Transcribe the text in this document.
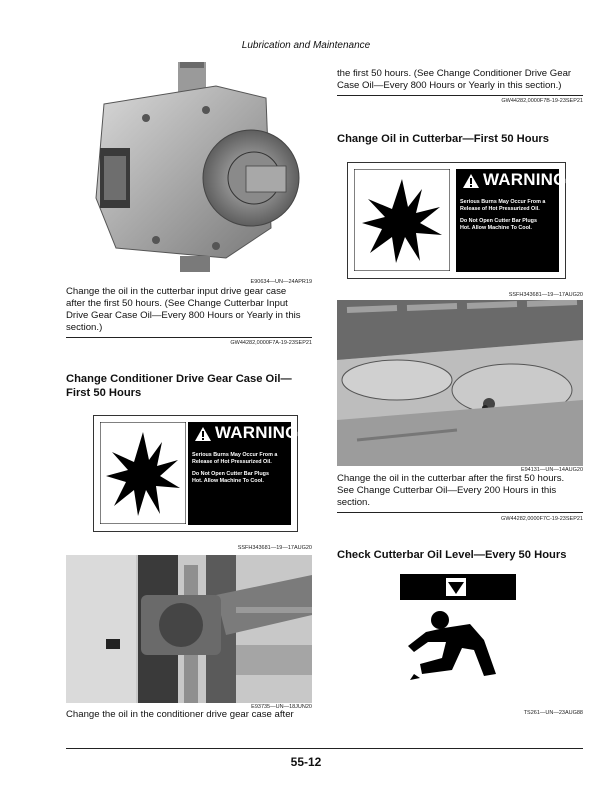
Lubrication and Maintenance
E90634—UN—24APR19
Change the oil in the cutterbar input drive gear case
after the first 50 hours. (See Change Cutterbar Input
Drive Gear Case Oil—Every 800 Hours or Yearly in this
section.)
GW44282,0000F7A-19-23SEP21
Change Conditioner Drive Gear Case Oil—
First 50 Hours
WARNING
Serious Burns May Occur From a
Release of Hot Pressurized Oil.
Do Not Open Cutter Bar Plugs
Hot. Allow Machine To Cool.
SSFH343681—19—17AUG20
E93735—UN—18JUN20
Change the oil in the conditioner drive gear case after
the first 50 hours. (See Change Conditioner Drive Gear
Case Oil—Every 800 Hours or Yearly in this section.)
GW44282,0000F7B-19-23SEP21
Change Oil in Cutterbar—First 50 Hours
WARNING
Serious Burns May Occur From a
Release of Hot Pressurized Oil.
Do Not Open Cutter Bar Plugs
Hot. Allow Machine To Cool.
SSFH343681—19—17AUG20
E94131—UN—14AUG20
Change the oil in the cutterbar after the first 50 hours.
See Change Cutterbar Oil—Every 200 Hours in this
section.
GW44282,0000F7C-19-23SEP21
Check Cutterbar Oil Level—Every 50 Hours
TS261—UN—23AUG88
55-12
